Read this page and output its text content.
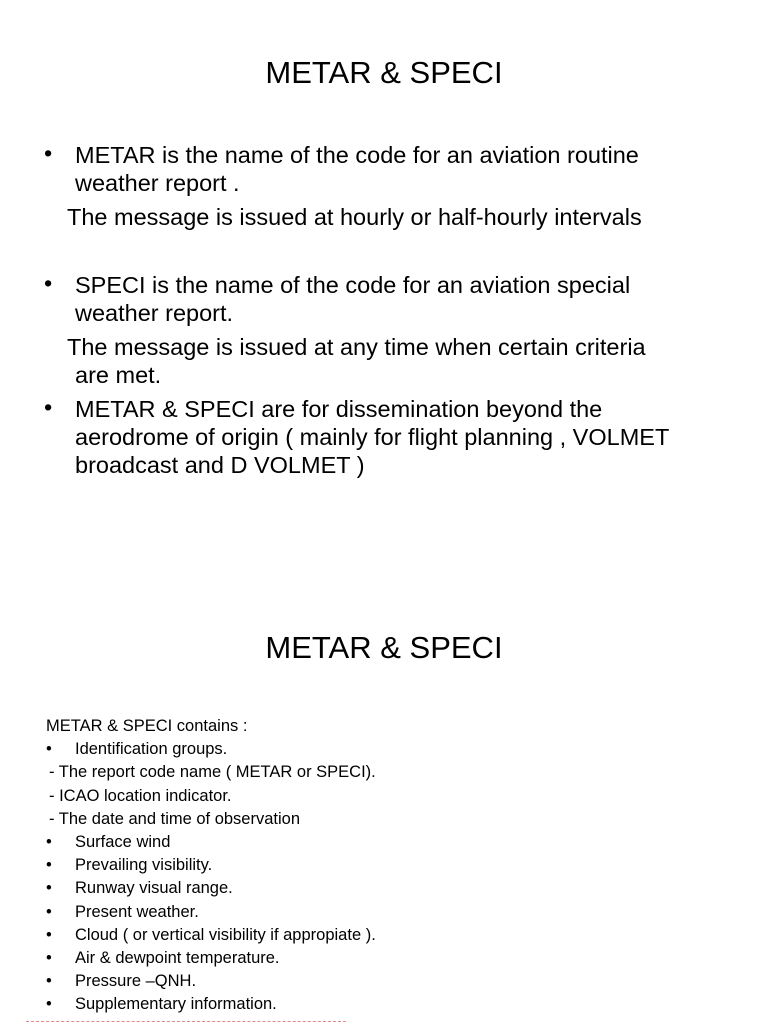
METAR & SPECI
• METAR is the name of the code for an aviation routine
weather report .
The message is issued at hourly or half-hourly intervals
• SPECI is the name of the code for an aviation special
weather report.
The message is issued at any time when certain criteria
are met.
• METAR & SPECI are for dissemination beyond the
aerodrome of origin ( mainly for flight planning , VOLMET
broadcast and D VOLMET )
METAR & SPECI
METAR & SPECI contains :
• Identification groups.
- The report code name ( METAR or SPECI).
- ICAO location indicator.
- The date and time of observation
• Surface wind
• Prevailing visibility.
• Runway visual range.
• Present weather.
• Cloud ( or vertical visibility if appropiate ).
• Air & dewpoint temperature.
• Pressure –QNH.
• Supplementary information.
